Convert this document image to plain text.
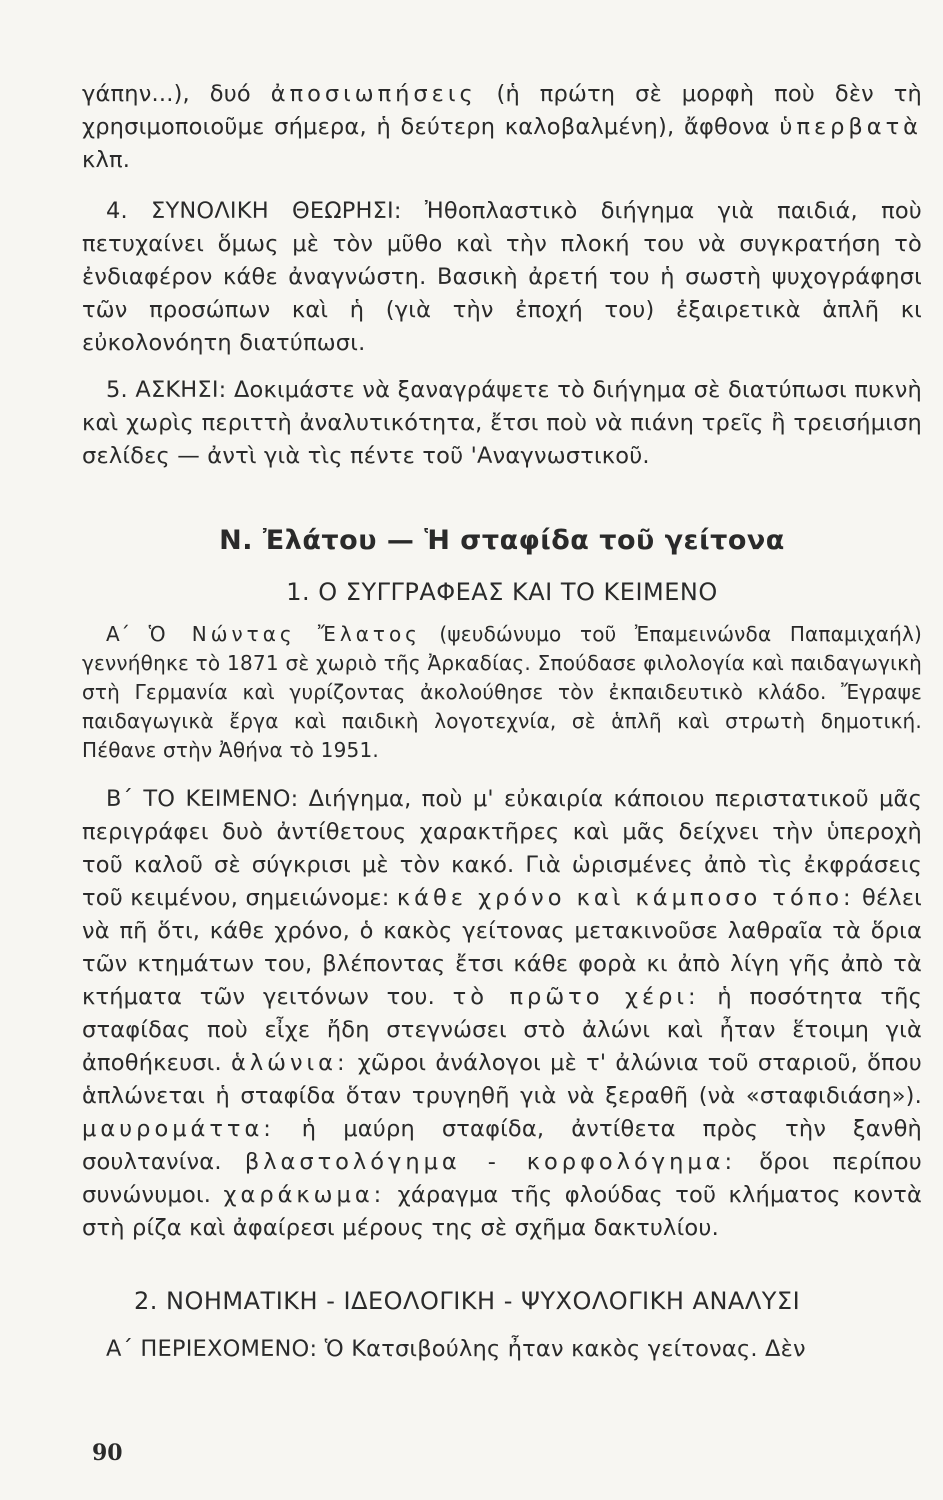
γάπην...), δυό ἀποσιωπήσεις (ἡ πρώτη σὲ μορφὴ ποὺ δὲν τὴ χρησιμοποιοῦμε σήμερα, ἡ δεύτερη καλοβαλμένη), ἄφθονα ὑπερβατὰ κλπ.

4. ΣΥΝΟΛΙΚΗ ΘΕΩΡΗΣΙ: Ἠθοπλαστικὸ διήγημα γιὰ παιδιά, ποὺ πετυχαίνει ὅμως μὲ τὸν μῦθο καὶ τὴν πλοκή του νὰ συγκρατήση τὸ ἐνδιαφέρον κάθε ἀναγνώστη. Βασικὴ ἀρετή του ἡ σωστὴ ψυχογράφησι τῶν προσώπων καὶ ἡ (γιὰ τὴν ἐποχή του) ἐξαιρετικὰ ἁπλῆ κι εὐκολονόητη διατύπωσι.

5. ΑΣΚΗΣΙ: Δοκιμάστε νὰ ξαναγράψετε τὸ διήγημα σὲ διατύπωσι πυκνὴ καὶ χωρὶς περιττὴ ἀναλυτικότητα, ἔτσι ποὺ νὰ πιάνη τρεῖς ἢ τρεισήμιση σελίδες — ἀντὶ γιὰ τὶς πέντε τοῦ 'Αναγνωστικοῦ.

Ν. Ἐλάτου — Ἡ σταφίδα τοῦ γείτονα
1. Ο ΣΥΓΓΡΑΦΕΑΣ ΚΑΙ ΤΟ ΚΕΙΜΕΝΟ

Α΄ Ὁ Νώντας Ἔλατος (ψευδώνυμο τοῦ Ἐπαμεινώνδα Παπαμιχαήλ) γεννήθηκε τὸ 1871 σὲ χωριὸ τῆς Ἀρκαδίας. Σπούδασε φιλολογία καὶ παιδαγωγικὴ στὴ Γερμανία καὶ γυρίζοντας ἀκολούθησε τὸν ἐκπαιδευτικὸ κλάδο. Ἔγραψε παιδαγωγικὰ ἔργα καὶ παιδικὴ λογοτεχνία, σὲ ἁπλῆ καὶ στρωτὴ δημοτική. Πέθανε στὴν Ἀθήνα τὸ 1951.

Β΄ ΤΟ ΚΕΙΜΕΝΟ: Διήγημα, ποὺ μ' εὐκαιρία κάποιου περιστατικοῦ μᾶς περιγράφει δυὸ ἀντίθετους χαρακτῆρες καὶ μᾶς δείχνει τὴν ὑπεροχὴ τοῦ καλοῦ σὲ σύγκρισι μὲ τὸν κακό. Γιὰ ὡρισμένες ἀπὸ τὶς ἐκφράσεις τοῦ κειμένου, σημειώνομε: κάθε χρόνο καὶ κάμποσο τόπο: θέλει νὰ πῆ ὅτι, κάθε χρόνο, ὁ κακὸς γείτονας μετακινοῦσε λαθραῖα τὰ ὅρια τῶν κτημάτων του, βλέποντας ἔτσι κάθε φορὰ κι ἀπὸ λίγη γῆς ἀπὸ τὰ κτήματα τῶν γειτόνων του. τὸ πρῶτο χέρι: ἡ ποσότητα τῆς σταφίδας ποὺ εἶχε ἤδη στεγνώσει στὸ ἀλώνι καὶ ἦταν ἕτοιμη γιὰ ἀποθήκευσι. ἁλώνια: χῶροι ἀνάλογοι μὲ τ' ἀλώνια τοῦ σταριοῦ, ὅπου ἁπλώνεται ἡ σταφίδα ὅταν τρυγηθῆ γιὰ νὰ ξεραθῆ (νὰ «σταφιδιάση»). μαυρομάττα: ἡ μαύρη σταφίδα, ἀντίθετα πρὸς τὴν ξανθὴ σουλτανίνα. βλαστολόγημα - κορφολόγημα: ὅροι περίπου συνώνυμοι. χαράκωμα: χάραγμα τῆς φλούδας τοῦ κλήματος κοντὰ στὴ ρίζα καὶ ἀφαίρεσι μέρους της σὲ σχῆμα δακτυλίου.

2. ΝΟΗΜΑΤΙΚΗ - ΙΔΕΟΛΟΓΙΚΗ - ΨΥΧΟΛΟΓΙΚΗ ΑΝΑΛΥΣΙ

Α΄ ΠΕΡΙΕΧΟΜΕΝΟ: Ὁ Κατσιβούλης ἦταν κακὸς γείτονας. Δὲν

90
